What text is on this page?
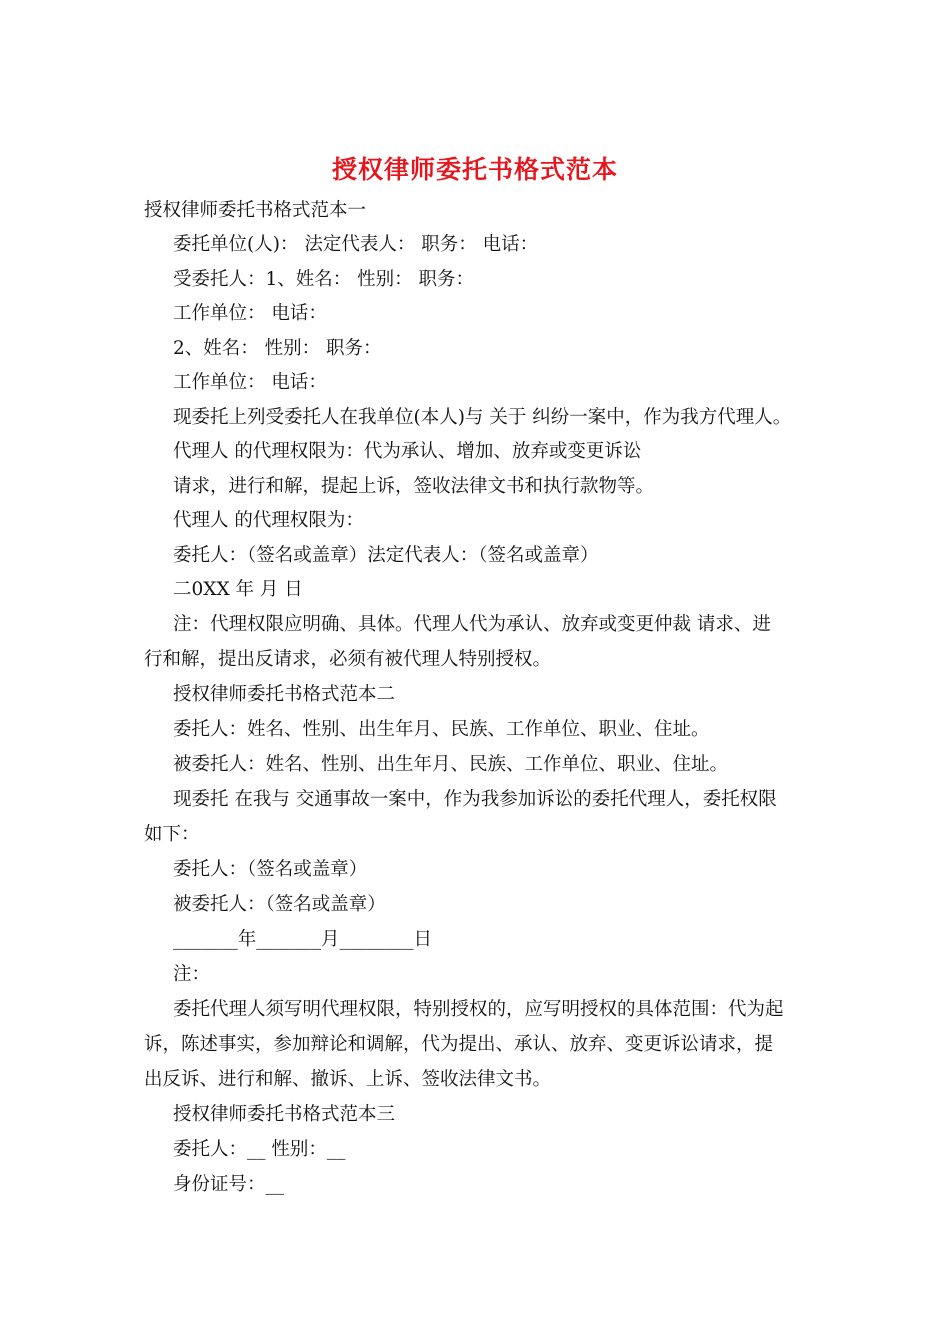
授权律师委托书格式范本
授权律师委托书格式范本一
委托单位(人)： 法定代表人： 职务： 电话：
受委托人：1、姓名： 性别： 职务：
工作单位： 电话：
2、姓名： 性别： 职务：
工作单位： 电话：
现委托上列受委托人在我单位(本人)与 关于 纠纷一案中，作为我方代理人。
代理人 的代理权限为：代为承认、增加、放弃或变更诉讼
请求，进行和解，提起上诉，签收法律文书和执行款物等。
代理人 的代理权限为：
委托人：（签名或盖章）法定代表人：（签名或盖章）
二0XX 年 月 日
注：代理权限应明确、具体。代理人代为承认、放弃或变更仲裁 请求、进
行和解，提出反请求，必须有被代理人特别授权。
授权律师委托书格式范本二
委托人：姓名、性别、出生年月、民族、工作单位、职业、住址。
被委托人：姓名、性别、出生年月、民族、工作单位、职业、住址。
现委托 在我与 交通事故一案中，作为我参加诉讼的委托代理人，委托权限
如下：
委托人：（签名或盖章）
被委托人：（签名或盖章）
_______年_______月________日
注：
委托代理人须写明代理权限，特别授权的，应写明授权的具体范围：代为起
诉，陈述事实，参加辩论和调解，代为提出、承认、放弃、变更诉讼请求，提
出反诉、进行和解、撤诉、上诉、签收法律文书。
授权律师委托书格式范本三
委托人：__ 性别：__
身份证号：__
